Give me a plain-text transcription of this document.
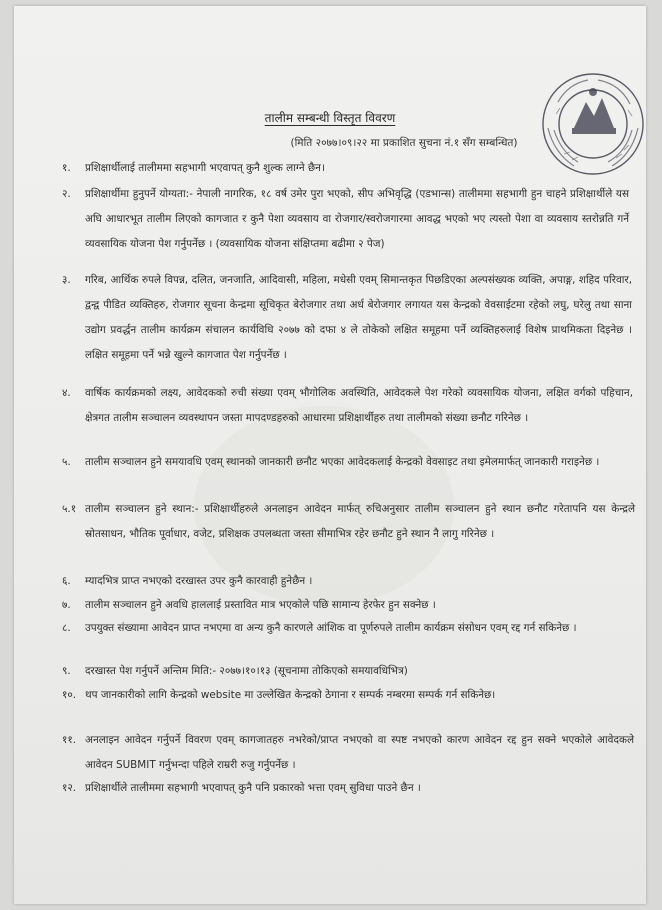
तालीम सम्बन्धी विस्तृत विवरण
(मिति २०७७।०९।२२ मा प्रकाशित सुचना नं.१ सँग सम्बन्धित)
१. प्रशिक्षार्थीलाई तालीममा सहभागी भएवापत् कुनै शुल्क लाग्ने छैन।
२. प्रशिक्षार्थीमा हुनुपर्ने योग्यता:- नेपाली नागरिक, १८ वर्ष उमेर पुरा भएको, सीप अभिवृद्धि (एडभान्स) तालीममा सहभागी हुन चाहने प्रशिक्षार्थीले यस अघि आधारभूत तालीम लिएको कागजात र कुनै पेशा व्यवसाय वा रोजगार/स्वरोजगारमा आवद्ध भएको भए त्यस्तो पेशा वा व्यवसाय स्तरोन्नति गर्ने व्यवसायिक योजना पेश गर्नुपर्नेछ । (व्यवसायिक योजना संक्षिप्तमा बढीमा २ पेज)
३. गरिब, आर्थिक रुपले विपन्न, दलित, जनजाति, आदिवासी, महिला, मधेसी एवम् सिमान्तकृत पिछडिएका अल्पसंख्यक व्यक्ति, अपाङ्ग, शहिद परिवार, द्वन्द्व पीडित व्यक्तिहरु, रोजगार सूचना केन्द्रमा सूचिकृत बेरोजगार तथा अर्ध बेरोजगार लगायत यस केन्द्रको वेवसाईटमा रहेको लघु, घरेलु तथा साना उद्योग प्रवर्द्धन तालीम कार्यक्रम संचालन कार्यविधि २०७७ को दफा ४ ले तोकेको लक्षित समूहमा पर्ने व्यक्तिहरुलाई विशेष प्राथमिकता दिइनेछ । लक्षित समूहमा पर्ने भन्ने खुल्ने कागजात पेश गर्नुपर्नेछ ।
४. वार्षिक कार्यक्रमको लक्ष्य, आवेदकको रुची संख्या एवम् भौगोलिक अवस्थिति, आवेदकले पेश गरेको व्यवसायिक योजना, लक्षित वर्गको पहिचान, क्षेत्रगत तालीम सञ्चालन व्यवस्थापन जस्ता मापदण्डहरुको आधारमा प्रशिक्षार्थीहरु तथा तालीमको संख्या छनौट गरिनेछ ।
५. तालीम सञ्चालन हुने समयावधि एवम् स्थानको जानकारी छनौट भएका आवेदकलाई केन्द्रको वेवसाइट तथा इमेलमार्फत् जानकारी गराइनेछ ।
५.१ तालीम सञ्चालन हुने स्थान:- प्रशिक्षार्थीहरुले अनलाइन आवेदन मार्फत् रुचिअनुसार तालीम सञ्चालन हुने स्थान छनौट गरेतापनि यस केन्द्रले स्रोतसाधन, भौतिक पूर्वाधार, वजेट, प्रशिक्षक उपलब्धता जस्ता सीमाभित्र रहेर छनौट हुने स्थान नै लागु गरिनेछ ।
६. म्यादभित्र प्राप्त नभएको दरखास्त उपर कुनै कारवाही हुनेछैन ।
७. तालीम सञ्चालन हुने अवधि हाललाई प्रस्तावित मात्र भएकोले पछि सामान्य हेरफेर हुन सक्नेछ ।
८. उपयुक्त संख्यामा आवेदन प्राप्त नभएमा वा अन्य कुनै कारणले आंशिक वा पूर्णरुपले तालीम कार्यक्रम संसोधन एवम् रद्द गर्न सकिनेछ ।
९. दरखास्त पेश गर्नुपर्ने अन्तिम मिति:- २०७७।१०।१३ (सूचनामा तोकिएको समयावधिभित्र)
१०. थप जानकारीको लागि केन्द्रको website मा उल्लेखित केन्द्रको ठेगाना र सम्पर्क नम्बरमा सम्पर्क गर्न सकिनेछ।
११. अनलाइन आवेदन गर्नुपर्ने विवरण एवम् कागजातहरु नभरेको/प्राप्त नभएको वा स्पष्ट नभएको कारण आवेदन रद्द हुन सक्ने भएकोले आवेदकले आवेदन SUBMIT गर्नुभन्दा पहिले राम्ररी रुजु गर्नुपर्नेछ ।
१२. प्रशिक्षार्थीले तालीममा सहभागी भएवापत् कुनै पनि प्रकारको भत्ता एवम् सुविधा पाउने छैन ।
